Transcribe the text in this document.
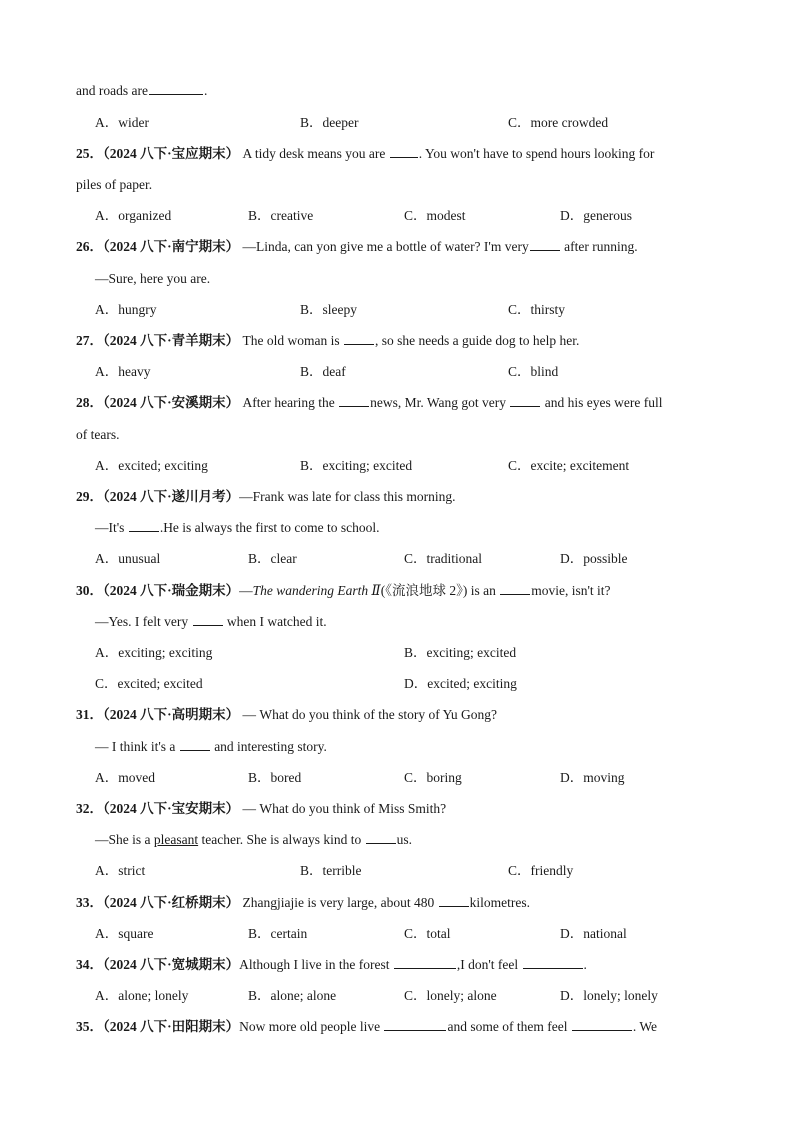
and roads are	.
A．wider	B．deeper	C．more crowded
25．（2024 八下·宝应期末） A tidy desk means you are . You won't have to spend hours looking for
piles of paper.
A．organized	B．creative	C．modest	D．generous
26．（2024 八下·南宁期末） —Linda, can yon give me a bottle of water? I'm very after running.
—Sure, here you are.
A．hungry	B．sleepy	C．thirsty
27．（2024 八下·青羊期末） The old woman is , so she needs a guide dog to help her.
A．heavy	B．deaf	C．blind
28．（2024 八下·安溪期末） After hearing the news, Mr. Wang got very  and his eyes were full
of tears.
A．excited; exciting	B．exciting; excited	C．excite; excitement
29．（2024 八下·遂川月考）—Frank was late for class this morning.
—It's .He is always the first to come to school.
A．unusual	B．clear	C．traditional	D．possible
30．（2024 八下·瑞金期末）—The wandering Earth Ⅱ(《流浪地球 2》) is an movie, isn't it?
—Yes. I felt very  when I watched it.
A．exciting; exciting	B．exciting; excited
C．excited; excited	D．excited; exciting
31．（2024 八下·高明期末） — What do you think of the story of Yu Gong?
— I think it's a  and interesting story.
A．moved	B．bored	C．boring	D．moving
32．（2024 八下·宝安期末） — What do you think of Miss Smith?
—She is a pleasant teacher. She is always kind to us.
A．strict	B．terrible	C．friendly
33．（2024 八下·红桥期末） Zhangjiajie is very large, about 480 kilometres.
A．square	B．certain	C．total	D．national
34．（2024 八下·宽城期末）Although I live in the forest	,I don't feel	.
A．alone; lonely	B．alone; alone	C．lonely; alone	D．lonely; lonely
35．（2024 八下·田阳期末）Now more old people live	and some of them feel	. We
